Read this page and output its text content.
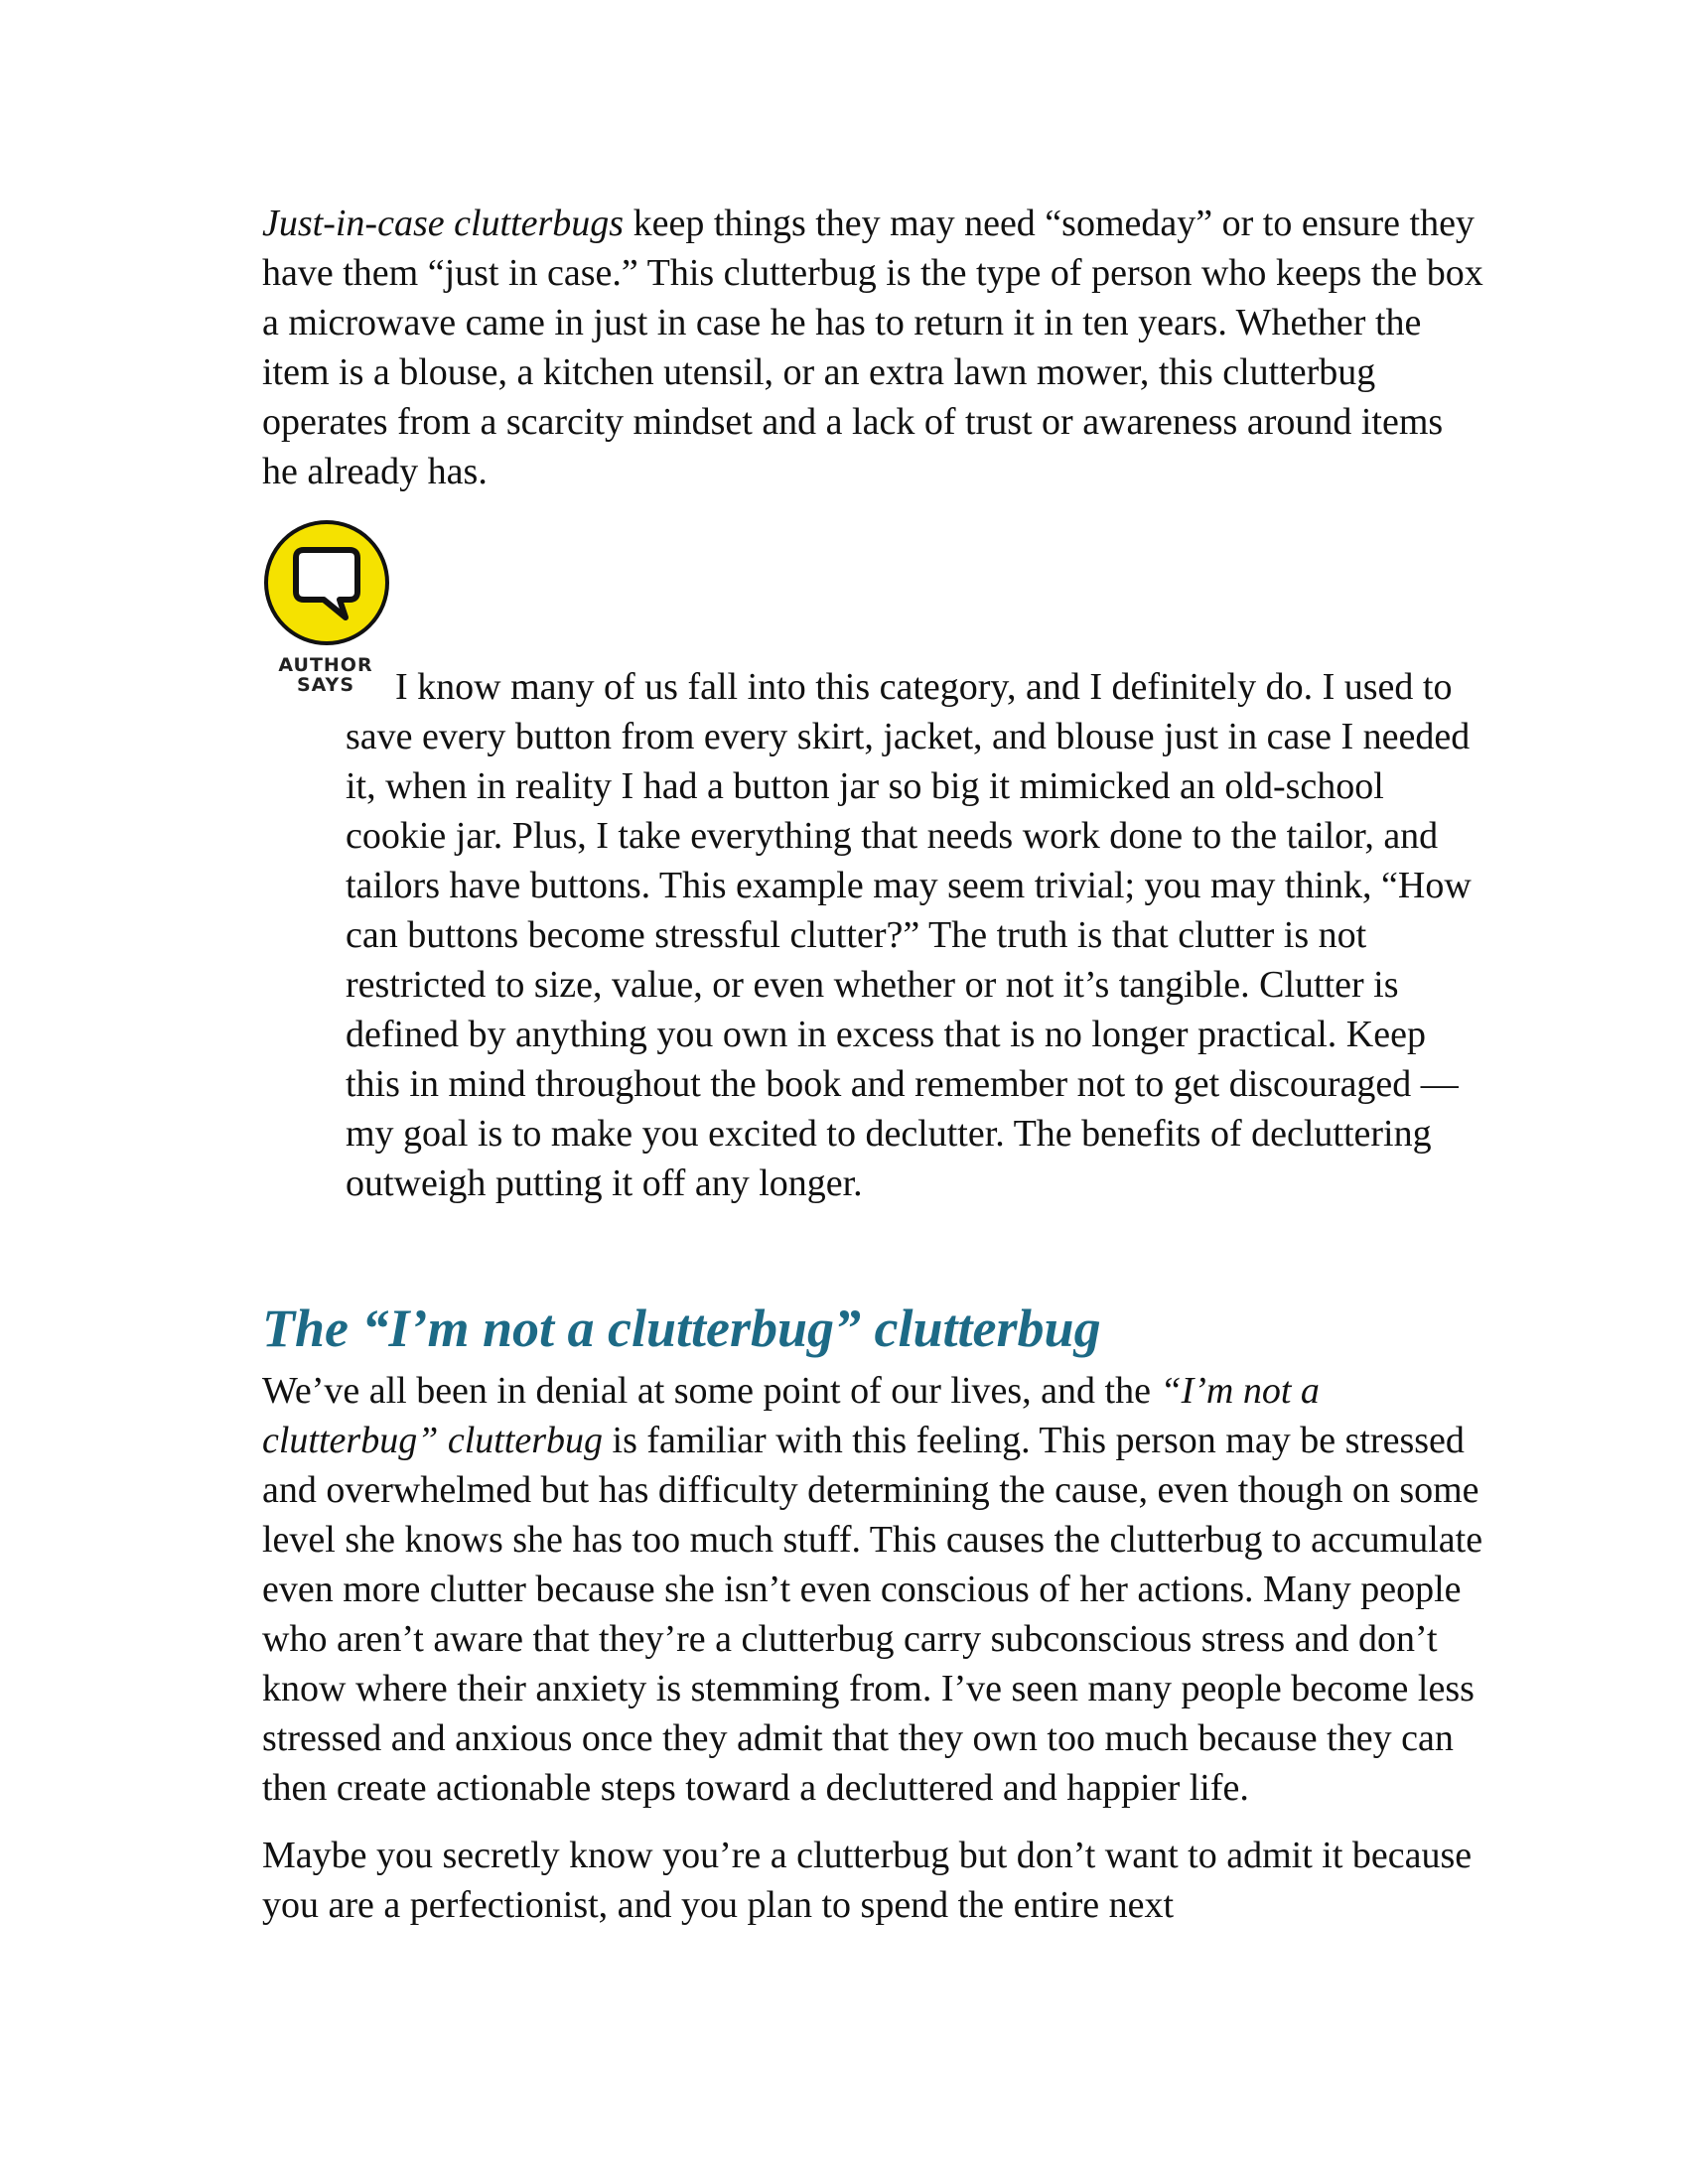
Just-in-case clutterbugs keep things they may need “someday” or to ensure they have them “just in case.” This clutterbug is the type of person who keeps the box a microwave came in just in case he has to return it in ten years. Whether the item is a blouse, a kitchen utensil, or an extra lawn mower, this clutterbug operates from a scarcity mindset and a lack of trust or awareness around items he already has.

AUTHOR
SAYS	I know many of us fall into this category, and I definitely do. I used to save every button from every skirt, jacket, and blouse just in case I needed it, when in reality I had a button jar so big it mimicked an old-school cookie jar. Plus, I take everything that needs work done to the tailor, and tailors have buttons. This example may seem trivial; you may think, “How can buttons become stressful clutter?” The truth is that clutter is not restricted to size, value, or even whether or not it’s tangible. Clutter is defined by anything you own in excess that is no longer practical. Keep this in mind throughout the book and remember not to get discouraged — my goal is to make you excited to declutter. The benefits of decluttering outweigh putting it off any longer.

The “I’m not a clutterbug” clutterbug

We’ve all been in denial at some point of our lives, and the “I’m not a clutterbug” clutterbug is familiar with this feeling. This person may be stressed and overwhelmed but has difficulty determining the cause, even though on some level she knows she has too much stuff. This causes the clutterbug to accumulate even more clutter because she isn’t even conscious of her actions. Many people who aren’t aware that they’re a clutterbug carry subconscious stress and don’t know where their anxiety is stemming from. I’ve seen many people become less stressed and anxious once they admit that they own too much because they can then create actionable steps toward a decluttered and happier life.

Maybe you secretly know you’re a clutterbug but don’t want to admit it because you are a perfectionist, and you plan to spend the entire next
